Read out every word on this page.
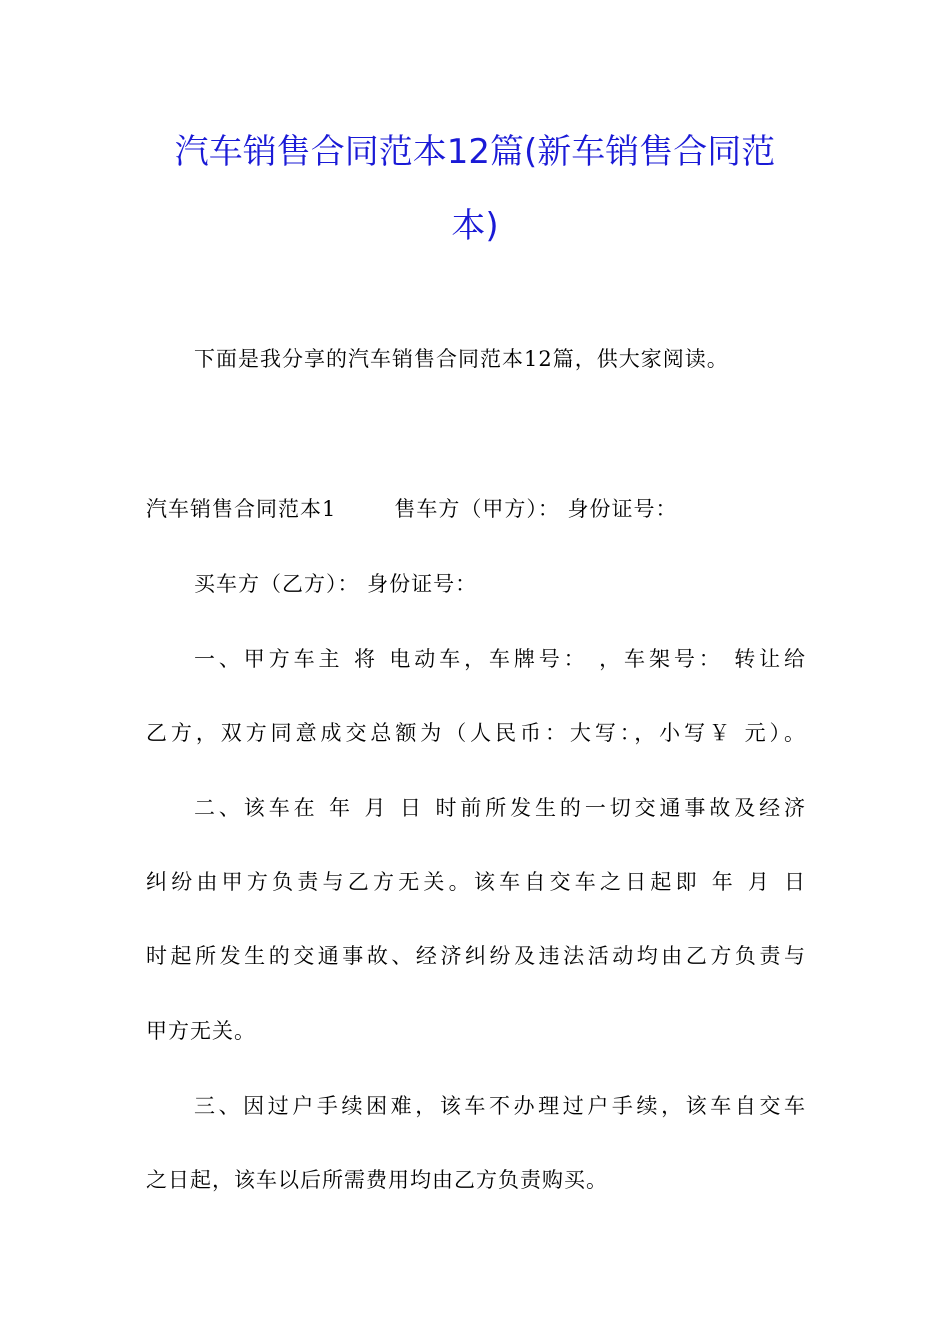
汽车销售合同范本12篇(新车销售合同范
本)
下面是我分享的汽车销售合同范本12篇，供大家阅读。
汽车销售合同范本1	售车方（甲方）： 身份证号：
买车方（乙方）： 身份证号：
一、甲方车主 将 电动车，车牌号： ，车架号： 转让给
乙方，双方同意成交总额为（人民币：大写：，小写￥ 元）。
二、该车在 年 月 日 时前所发生的一切交通事故及经济
纠纷由甲方负责与乙方无关。该车自交车之日起即 年 月 日
时起所发生的交通事故、经济纠纷及违法活动均由乙方负责与
甲方无关。
三、因过户手续困难，该车不办理过户手续，该车自交车
之日起，该车以后所需费用均由乙方负责购买。
